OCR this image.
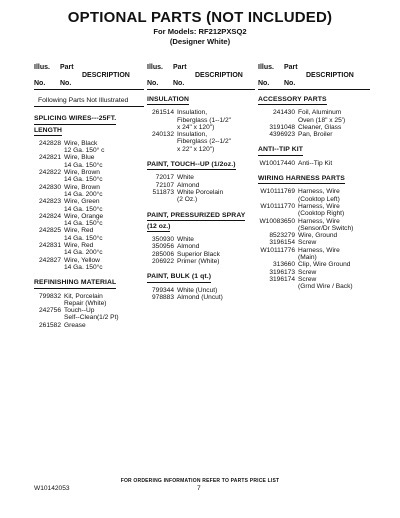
OPTIONAL PARTS (NOT INCLUDED)
For Models: RF212PXSQ2
(Designer White)
Illus.

No.
Part

No.

DESCRIPTION
Following Parts Not Illustrated
SPLICING WIRES---25FT.
LENGTH
242828 Wire, Black
12 Ga. 150° c
242821 Wire, Blue
14 Ga. 150°c
242822 Wire, Brown
14 Ga. 150°c
242830 Wire, Brown
14 Ga. 200°c
242823 Wire, Green
14 Ga. 150°c
242824 Wire, Orange
14 Ga. 150°c
242825 Wire, Red
14 Ga. 150°c
242831 Wire, Red
14 Ga. 200°c
242827 Wire, Yellow
14 Ga. 150°c
REFINISHING MATERIAL
799832 Kit, Porcelain
Repair (White)
242756 Touch--Up
Self--Clean(1/2 Pt)
261582 Grease
Illus.

No.
Part

No.

DESCRIPTION
INSULATION
261514 Insulation,
Fiberglass (1--1/2"
x 24" x 120")
240132 Insulation,
Fiberglass (2--1/2"
x 22" x 120")
PAINT, TOUCH--UP (1/2oz.)
72017 White
72107 Almond
511873 White Porcelain
(2 Oz.)
PAINT, PRESSURIZED SPRAY
(12 oz.)
350930 White
350956 Almond
285006 Superior Black
206922 Primer (White)
PAINT, BULK (1 qt.)
799344 White (Uncut)
978883 Almond (Uncut)
Illus.

No.
Part

No.

DESCRIPTION
ACCESSORY PARTS
241430 Foil, Aluminum
Oven (18" x 25')
3191048 Cleaner, Glass
4396923 Pan, Broiler
ANTI--TIP KIT
W10017440 Anti--Tip Kit
WIRING HARNESS PARTS
W10111769 Harness, Wire
(Cooktop Left)
W10111770 Harness, Wire
(Cooktop Right)
W10083650 Harness, Wire
(Sensor/Dr Switch)
8523279 Wire, Ground
3196154 Screw
W10111776 Harness, Wire
(Main)
313660 Clip, Wire Ground
3196173 Screw
3196174 Screw
(Grnd Wire / Back)
FOR ORDERING INFORMATION REFER TO PARTS PRICE LIST
W10142053	7
